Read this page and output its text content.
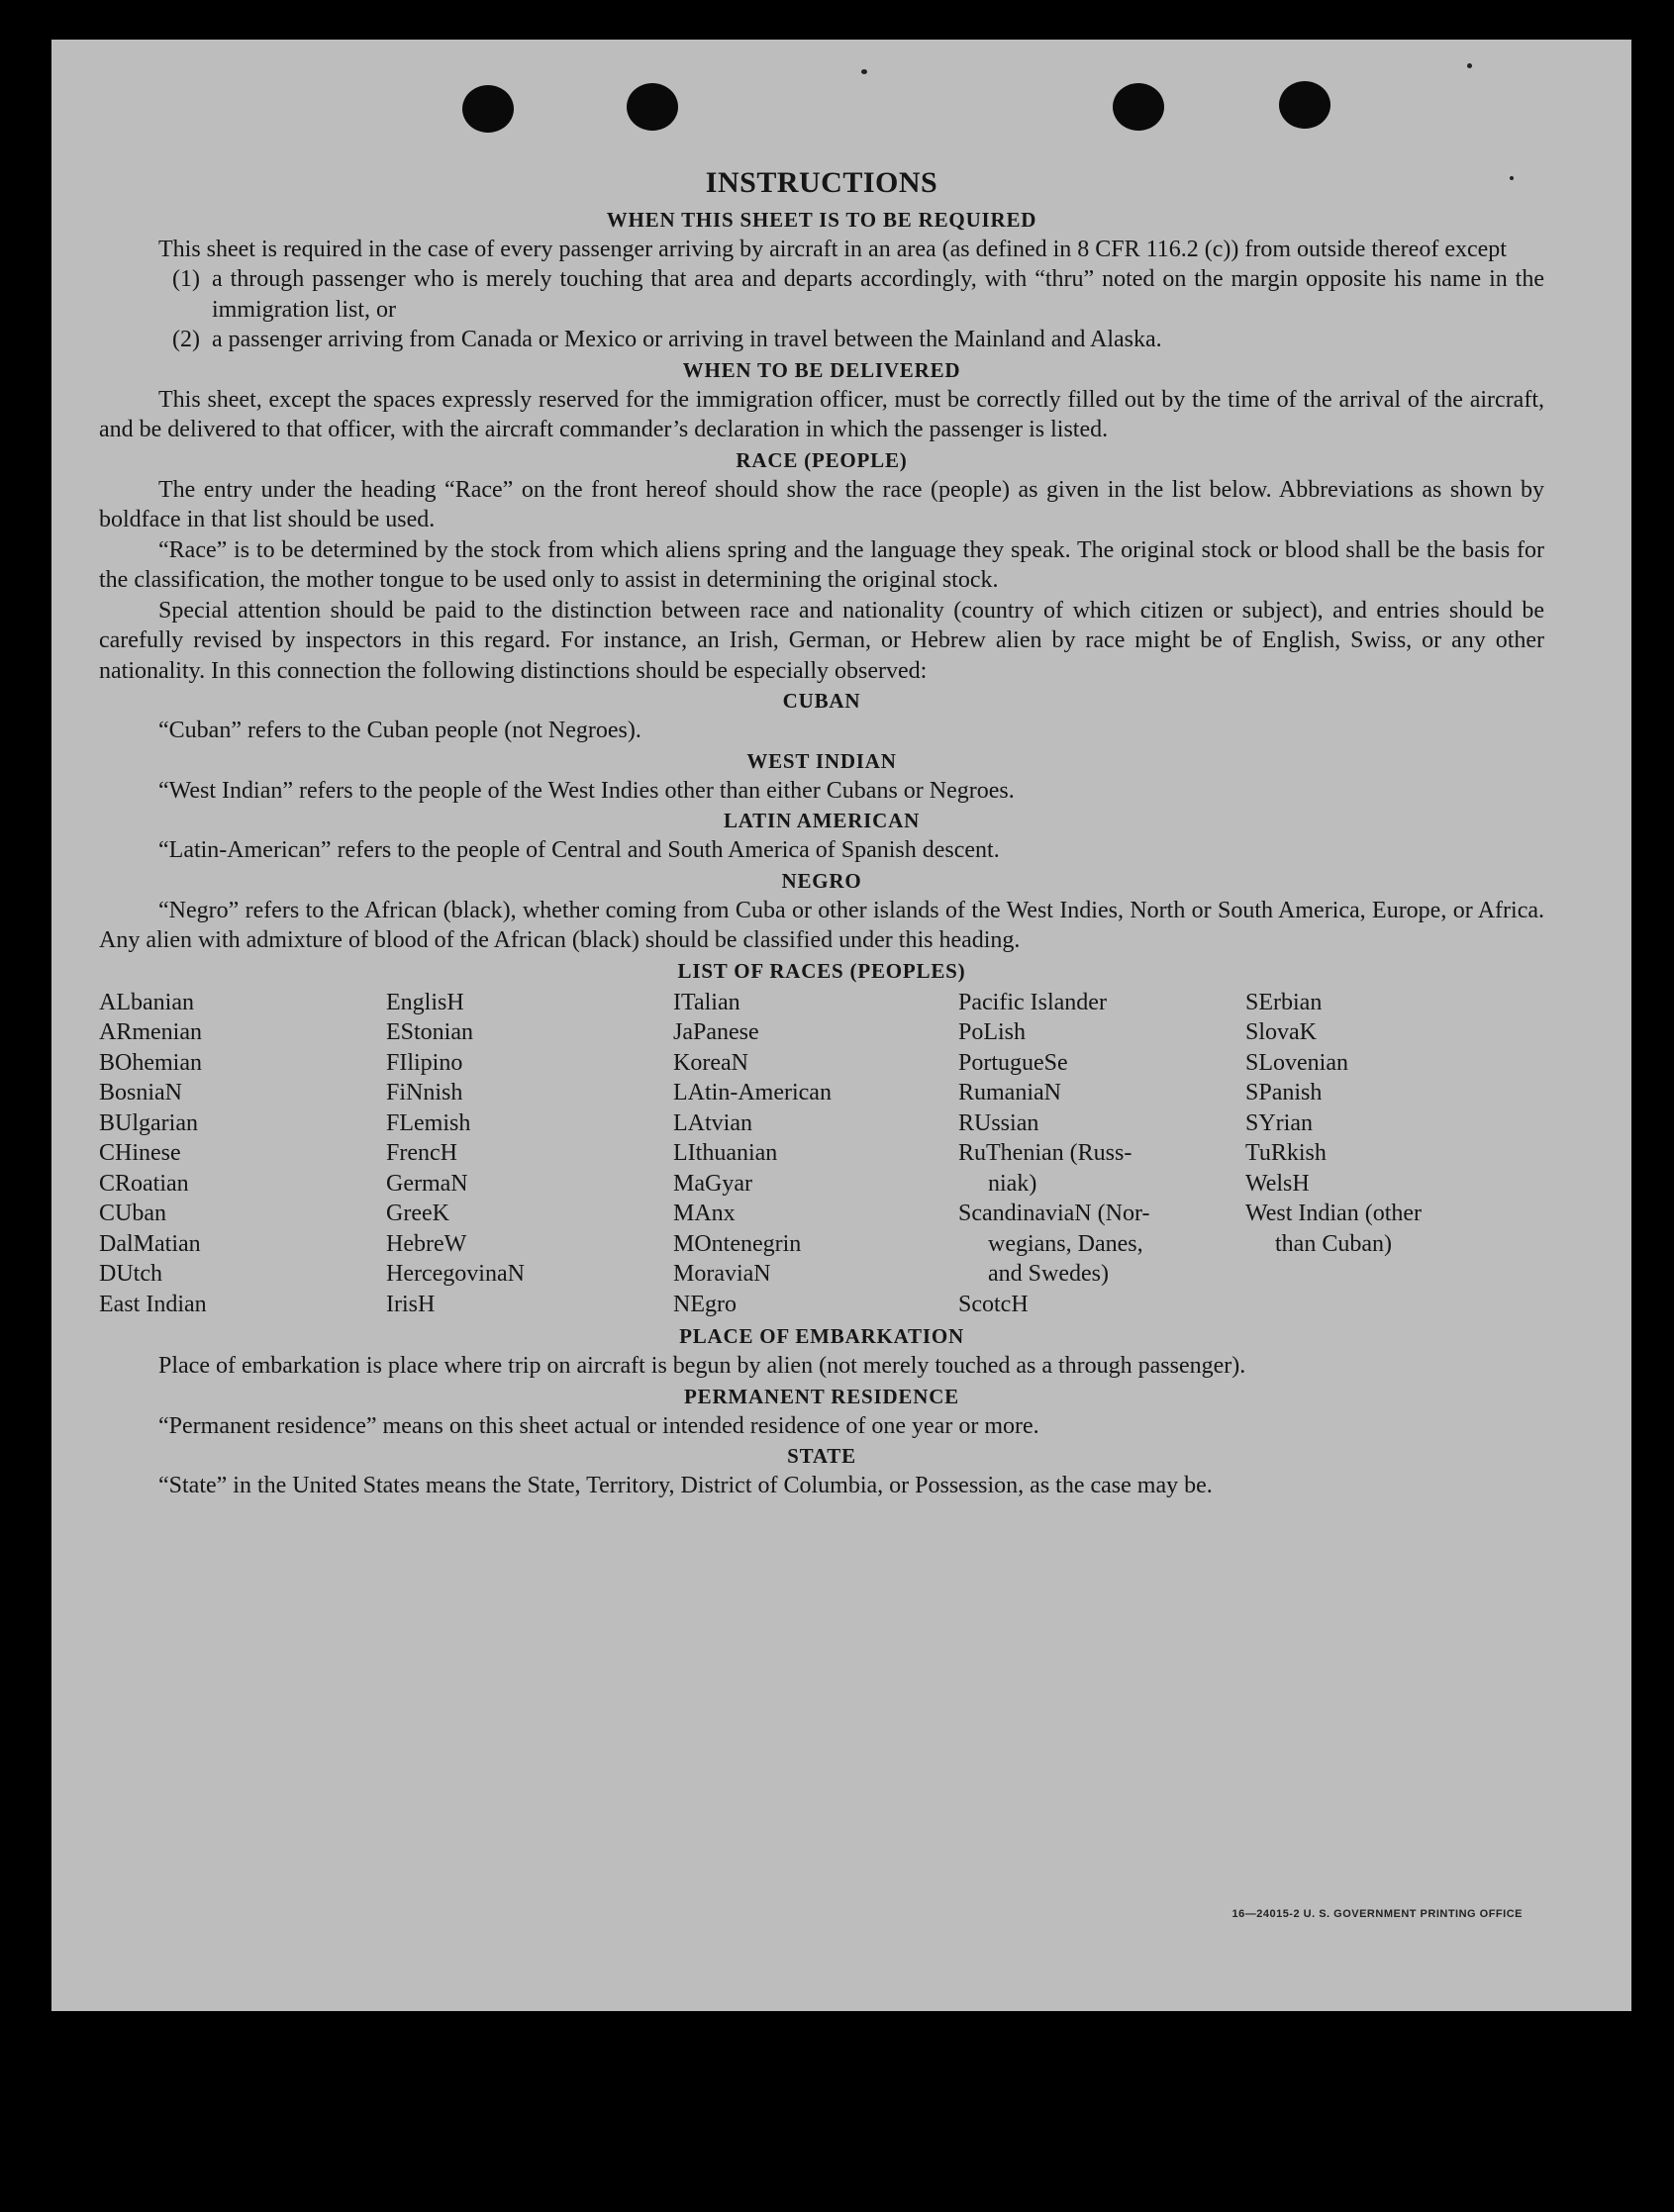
INSTRUCTIONS
WHEN THIS SHEET IS TO BE REQUIRED

This sheet is required in the case of every passenger arriving by aircraft in an area (as defined in 8 CFR 116.2 (c)) from outside thereof except

(1) a through passenger who is merely touching that area and departs accordingly, with “thru” noted on the margin opposite his name in the immigration list, or
(2) a passenger arriving from Canada or Mexico or arriving in travel between the Mainland and Alaska.
WHEN TO BE DELIVERED

This sheet, except the spaces expressly reserved for the immigration officer, must be correctly filled out by the time of the arrival of the aircraft, and be delivered to that officer, with the aircraft commander’s declaration in which the passenger is listed.

RACE (PEOPLE)

The entry under the heading “Race” on the front hereof should show the race (people) as given in the list below. Abbreviations as shown by boldface in that list should be used.

“Race” is to be determined by the stock from which aliens spring and the language they speak. The original stock or blood shall be the basis for the classification, the mother tongue to be used only to assist in determining the original stock.

Special attention should be paid to the distinction between race and nationality (country of which citizen or subject), and entries should be carefully revised by inspectors in this regard. For instance, an Irish, German, or Hebrew alien by race might be of English, Swiss, or any other nationality. In this connection the following distinctions should be especially observed:

CUBAN

“Cuban” refers to the Cuban people (not Negroes).

WEST INDIAN

“West Indian” refers to the people of the West Indies other than either Cubans or Negroes.

LATIN AMERICAN

“Latin-American” refers to the people of Central and South America of Spanish descent.

NEGRO

“Negro” refers to the African (black), whether coming from Cuba or other islands of the West Indies, North or South America, Europe, or Africa. Any alien with admixture of blood of the African (black) should be classified under this heading.

LIST OF RACES (PEOPLES)
ALbanian
ARmenian
BOhemian
BosniaN
BUlgarian
CHinese
CRoatian
CUban
DalMatian
DUtch
East Indian
EnglisH
EStonian
FIlipino
FiNnish
FLemish
FrencH
GermaN
GreeK
HebreW
HercegovinaN
IrisH
ITalian
JaPanese
KoreaN
LAtin-American
LAtvian
LIthuanian
MaGyar
MAnx
MOntenegrin
MoraviaN
NEgro
Pacific Islander
PoLish
PortugueSe
RumaniaN
RUssian
RuThenian (Russ-
niak)
ScandinaviaN (Nor-
wegians, Danes,
and Swedes)
ScotcH
SErbian
SlovaK
SLovenian
SPanish
SYrian
TuRkish
WelsH
West Indian (other
than Cuban)
PLACE OF EMBARKATION

Place of embarkation is place where trip on aircraft is begun by alien (not merely touched as a through passenger).

PERMANENT RESIDENCE

“Permanent residence” means on this sheet actual or intended residence of one year or more.

STATE

“State” in the United States means the State, Territory, District of Columbia, or Possession, as the case may be.

16—24015-2 U. S. GOVERNMENT PRINTING OFFICE
